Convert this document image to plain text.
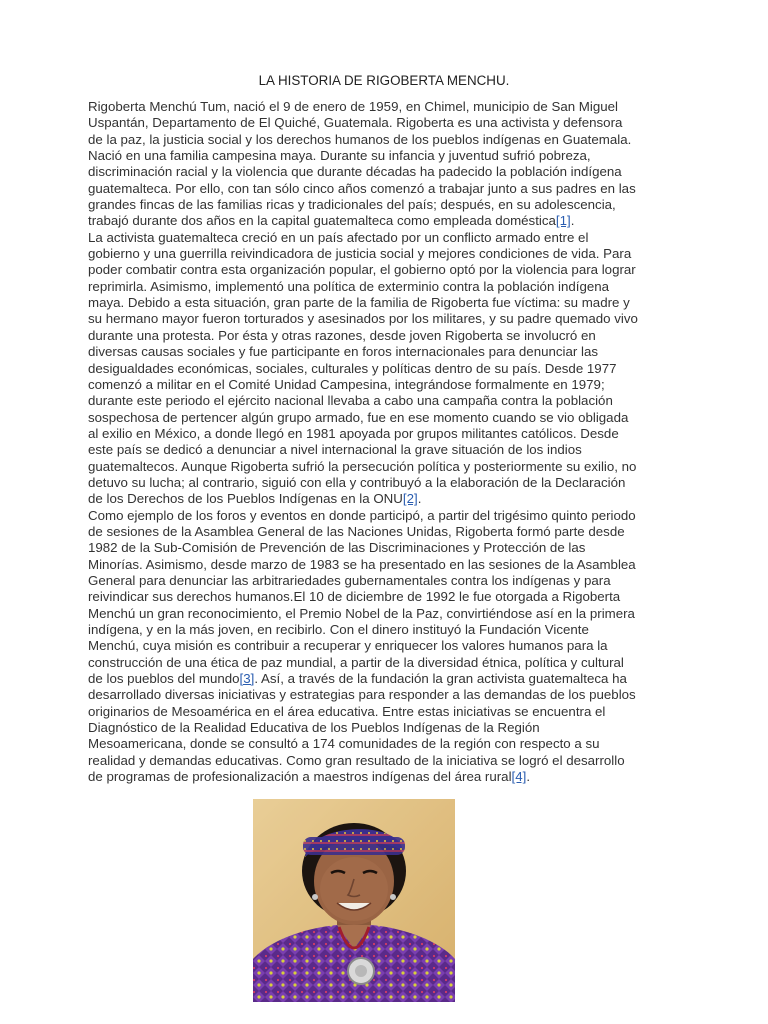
LA HISTORIA DE RIGOBERTA MENCHU.

Rigoberta Menchú Tum, nació el 9 de enero de 1959, en Chimel, municipio de San Miguel
Uspantán, Departamento de El Quiché, Guatemala. Rigoberta es una activista y defensora
de la paz, la justicia social y los derechos humanos de los pueblos indígenas en Guatemala.
Nació en una familia campesina maya. Durante su infancia y juventud sufrió pobreza,
discriminación racial y la violencia que durante décadas ha padecido la población indígena
guatemalteca. Por ello, con tan sólo cinco años comenzó a trabajar junto a sus padres en las
grandes fincas de las familias ricas y tradicionales del país; después, en su adolescencia,
trabajó durante dos años en la capital guatemalteca como empleada doméstica[1].

La activista guatemalteca creció en un país afectado por un conflicto armado entre el
gobierno y una guerrilla reivindicadora de justicia social y mejores condiciones de vida. Para
poder combatir contra esta organización popular, el gobierno optó por la violencia para lograr
reprimirla. Asimismo, implementó una política de exterminio contra la población indígena
maya. Debido a esta situación, gran parte de la familia de Rigoberta fue víctima: su madre y
su hermano mayor fueron torturados y asesinados por los militares, y su padre quemado vivo
durante una protesta. Por ésta y otras razones, desde joven Rigoberta se involucró en
diversas causas sociales y fue participante en foros internacionales para denunciar las
desigualdades económicas, sociales, culturales y políticas dentro de su país. Desde 1977
comenzó a militar en el Comité Unidad Campesina, integrándose formalmente en 1979;
durante este periodo el ejército nacional llevaba a cabo una campaña contra la población
sospechosa de pertencer algún grupo armado, fue en ese momento cuando se vio obligada
al exilio en México, a donde llegó en 1981 apoyada por grupos militantes católicos. Desde
este país se dedicó a denunciar a nivel internacional la grave situación de los indios
guatemaltecos. Aunque Rigoberta sufrió la persecución política y posteriormente su exilio, no
detuvo su lucha; al contrario, siguió con ella y contribuyó a la elaboración de la Declaración
de los Derechos de los Pueblos Indígenas en la ONU[2].

Como ejemplo de los foros y eventos en donde participó, a partir del trigésimo quinto periodo
de sesiones de la Asamblea General de las Naciones Unidas, Rigoberta formó parte desde
1982 de la Sub-Comisión de Prevención de las Discriminaciones y Protección de las
Minorías. Asimismo, desde marzo de 1983 se ha presentado en las sesiones de la Asamblea
General para denunciar las arbitrariedades gubernamentales contra los indígenas y para
reivindicar sus derechos humanos.El 10 de diciembre de 1992 le fue otorgada a Rigoberta
Menchú un gran reconocimiento, el Premio Nobel de la Paz, convirtiéndose así en la primera
indígena, y en la más joven, en recibirlo. Con el dinero instituyó la Fundación Vicente
Menchú, cuya misión es contribuir a recuperar y enriquecer los valores humanos para la
construcción de una ética de paz mundial, a partir de la diversidad étnica, política y cultural
de los pueblos del mundo[3]. Así, a través de la fundación la gran activista guatemalteca ha
desarrollado diversas iniciativas y estrategias para responder a las demandas de los pueblos
originarios de Mesoamérica en el área educativa. Entre estas iniciativas se encuentra el
Diagnóstico de la Realidad Educativa de los Pueblos Indígenas de la Región
Mesoamericana, donde se consultó a 174 comunidades de la región con respecto a su
realidad y demandas educativas. Como gran resultado de la iniciativa se logró el desarrollo
de programas de profesionalización a maestros indígenas del área rural[4].
